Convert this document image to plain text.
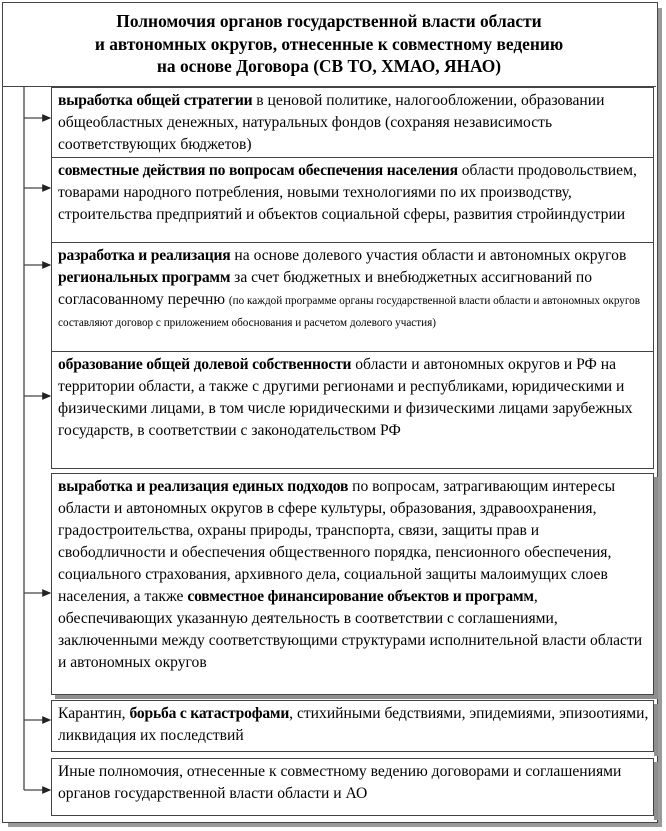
Полномочия органов государственной власти области
и автономных округов, отнесенные к совместному ведению
на основе Договора (СВ ТО, ХМАО, ЯНАО)
выработка общей стратегии в ценовой политике, налогообложении, образовании общеобластных денежных, натуральных фондов (сохраняя независимость соответствующих бюджетов)
совместные действия по вопросам обеспечения населения области продовольствием, товарами народного потребления, новыми технологиями по их производству, строительства предприятий и объектов социальной сферы, развития стройиндустрии
разработка и реализация на основе долевого участия области и автономных округов региональных программ за счет бюджетных и внебюджетных ассигнований по согласованному перечню (по каждой программе органы государственной власти области и автономных округов составляют договор с приложением обоснования и расчетом долевого участия)
образование общей долевой собственности области и автономных округов и РФ на территории области, а также с другими регионами и республиками, юридическими и физическими лицами, в том числе юридическими и физическими лицами зарубежных государств, в соответствии с законодательством РФ
выработка и реализация единых подходов по вопросам, затрагивающим интересы области и автономных округов в сфере культуры, образования, здравоохранения, градостроительства, охраны природы, транспорта, связи, защиты прав и свободличности и обеспечения общественного порядка, пенсионного обеспечения, социального страхования, архивного дела, социальной защиты малоимущих слоев населения, а также совместное финансирование объектов и программ, обеспечивающих указанную деятельность в соответствии с соглашениями, заключенными между соответствующими структурами исполнительной власти области и автономных округов
Карантин, борьба с катастрофами, стихийными бедствиями, эпидемиями, эпизоотиями, ликвидация их последствий
Иные полномочия, отнесенные к совместному ведению договорами и соглашениями органов государственной власти области и АО
